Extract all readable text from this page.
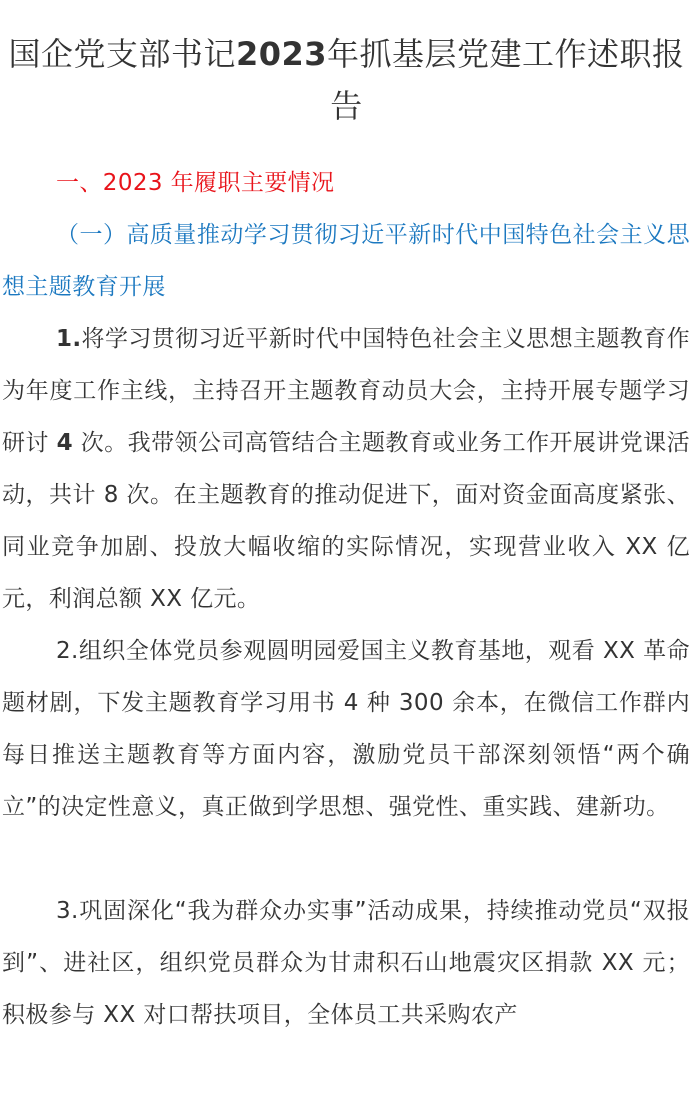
国企党支部书记2023年抓基层党建工作述职报告
一、2023 年履职主要情况
（一）高质量推动学习贯彻习近平新时代中国特色社会主义思想主题教育开展
1.将学习贯彻习近平新时代中国特色社会主义思想主题教育作为年度工作主线，主持召开主题教育动员大会，主持开展专题学习研讨 4 次。我带领公司高管结合主题教育或业务工作开展讲党课活动，共计 8 次。在主题教育的推动促进下，面对资金面高度紧张、同业竞争加剧、投放大幅收缩的实际情况，实现营业收入 XX 亿元，利润总额 XX 亿元。
2.组织全体党员参观圆明园爱国主义教育基地，观看 XX 革命题材剧，下发主题教育学习用书 4 种 300 余本，在微信工作群内每日推送主题教育等方面内容，激励党员干部深刻领悟“两个确立”的决定性意义，真正做到学思想、强党性、重实践、建新功。
3.巩固深化“我为群众办实事”活动成果，持续推动党员“双报到”、进社区，组织党员群众为甘肃积石山地震灾区捐款 XX 元；积极参与 XX 对口帮扶项目，全体员工共采购农产
